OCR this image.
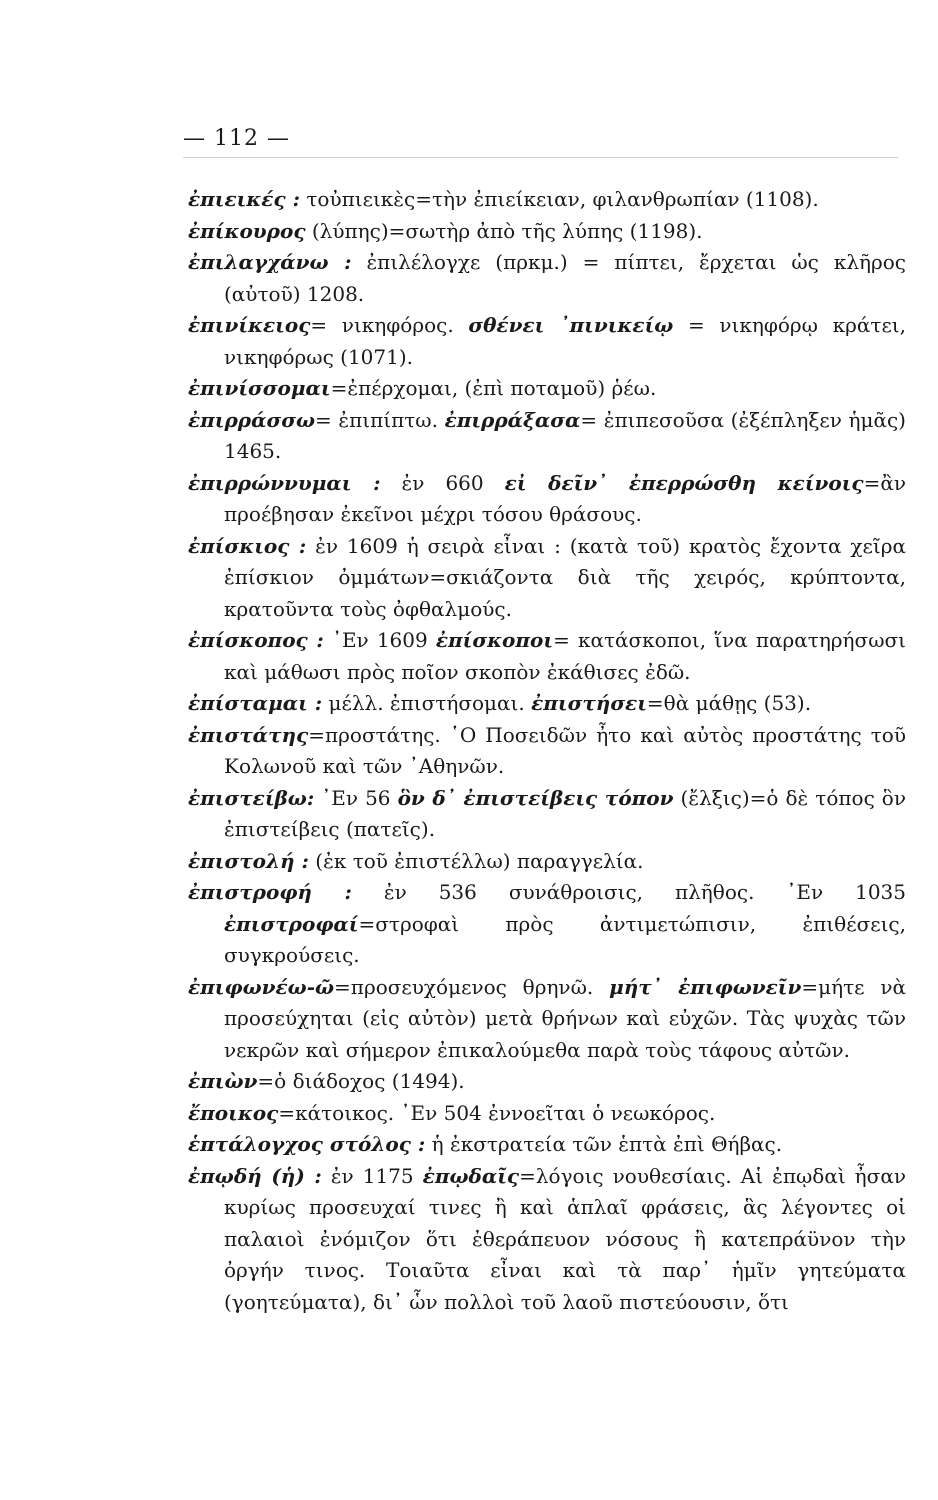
— 112 —

ἐπιεικές : τοὐπιεικὲς=τὴν ἐπιείκειαν, φιλανθρωπίαν (1108).

ἐπίκουρος (λύπης)=σωτὴρ ἀπὸ τῆς λύπης (1198).

ἐπιλαγχάνω : ἐπιλέλογχε (πρκμ.) = πίπτει, ἔρχεται ὡς κλῆρος (αὐτοῦ) 1208.

ἐπινίκειος= νικηφόρος. σθένει ᾿πινικείῳ = νικηφόρῳ κράτει, νικηφόρως (1071).

ἐπινίσσομαι=ἐπέρχομαι, (ἐπὶ ποταμοῦ) ῥέω.

ἐπιρράσσω= ἐπιπίπτω. ἐπιρράξασα= ἐπιπεσοῦσα (ἐξέπληξεν ἡμᾶς) 1465.

ἐπιρρώννυμαι : ἐν 660 εἰ δεῖν᾿ ἐπερρώσθη κείνοις=ἂν προέβησαν ἐκεῖνοι μέχρι τόσου θράσους.

ἐπίσκιος : ἐν 1609 ἡ σειρὰ εἶναι : (κατὰ τοῦ) κρατὸς ἔχοντα χεῖρα ἐπίσκιον ὀμμάτων=σκιάζοντα διὰ τῆς χειρός, κρύπτοντα, κρατοῦντα τοὺς ὀφθαλμούς.

ἐπίσκοπος : ᾿Εν 1609 ἐπίσκοποι= κατάσκοποι, ἵνα παρατηρήσωσι καὶ μάθωσι πρὸς ποῖον σκοπὸν ἐκάθισες ἐδῶ.

ἐπίσταμαι : μέλλ. ἐπιστήσομαι. ἐπιστήσει=θὰ μάθῃς (53).

ἐπιστάτης=προστάτης. ῾Ο Ποσειδῶν ἦτο καὶ αὐτὸς προστάτης τοῦ Κολωνοῦ καὶ τῶν ᾿Αθηνῶν.

ἐπιστείβω: ᾿Εν 56 ὃν δ᾿ ἐπιστείβεις τόπον (ἔλξις)=ὁ δὲ τόπος ὃν ἐπιστείβεις (πατεῖς).

ἐπιστολή : (ἐκ τοῦ ἐπιστέλλω) παραγγελία.

ἐπιστροφή : ἐν 536 συνάθροισις, πλῆθος. ᾿Εν 1035 ἐπιστροφαί=στροφαὶ πρὸς ἀντιμετώπισιν, ἐπιθέσεις, συγκρούσεις.

ἐπιφωνέω-ῶ=προσευχόμενος θρηνῶ. μήτ᾿ ἐπιφωνεῖν=μήτε νὰ προσεύχηται (εἰς αὐτὸν) μετὰ θρήνων καὶ εὐχῶν. Τὰς ψυχὰς τῶν νεκρῶν καὶ σήμερον ἐπικαλούμεθα παρὰ τοὺς τάφους αὐτῶν.

ἐπιὼν=ὁ διάδοχος (1494).

ἔποικος=κάτοικος. ᾿Εν 504 ἐννοεῖται ὁ νεωκόρος.

ἑπτάλογχος στόλος : ἡ ἐκστρατεία τῶν ἑπτὰ ἐπὶ Θήβας.

ἐπῳδή (ἡ) : ἐν 1175 ἐπῳδαῖς=λόγοις νουθεσίαις. Αἱ ἐπῳδαὶ ἦσαν κυρίως προσευχαί τινες ἢ καὶ ἁπλαῖ φράσεις, ἃς λέγοντες οἱ παλαιοὶ ἐνόμιζον ὅτι ἐθεράπευον νόσους ἢ κατεπράϋνον τὴν ὀργήν τινος. Τοιαῦτα εἶναι καὶ τὰ παρ᾿ ἡμῖν γητεύματα (γοητεύματα), δι᾿ ὧν πολλοὶ τοῦ λαοῦ πιστεύουσιν, ὅτι
